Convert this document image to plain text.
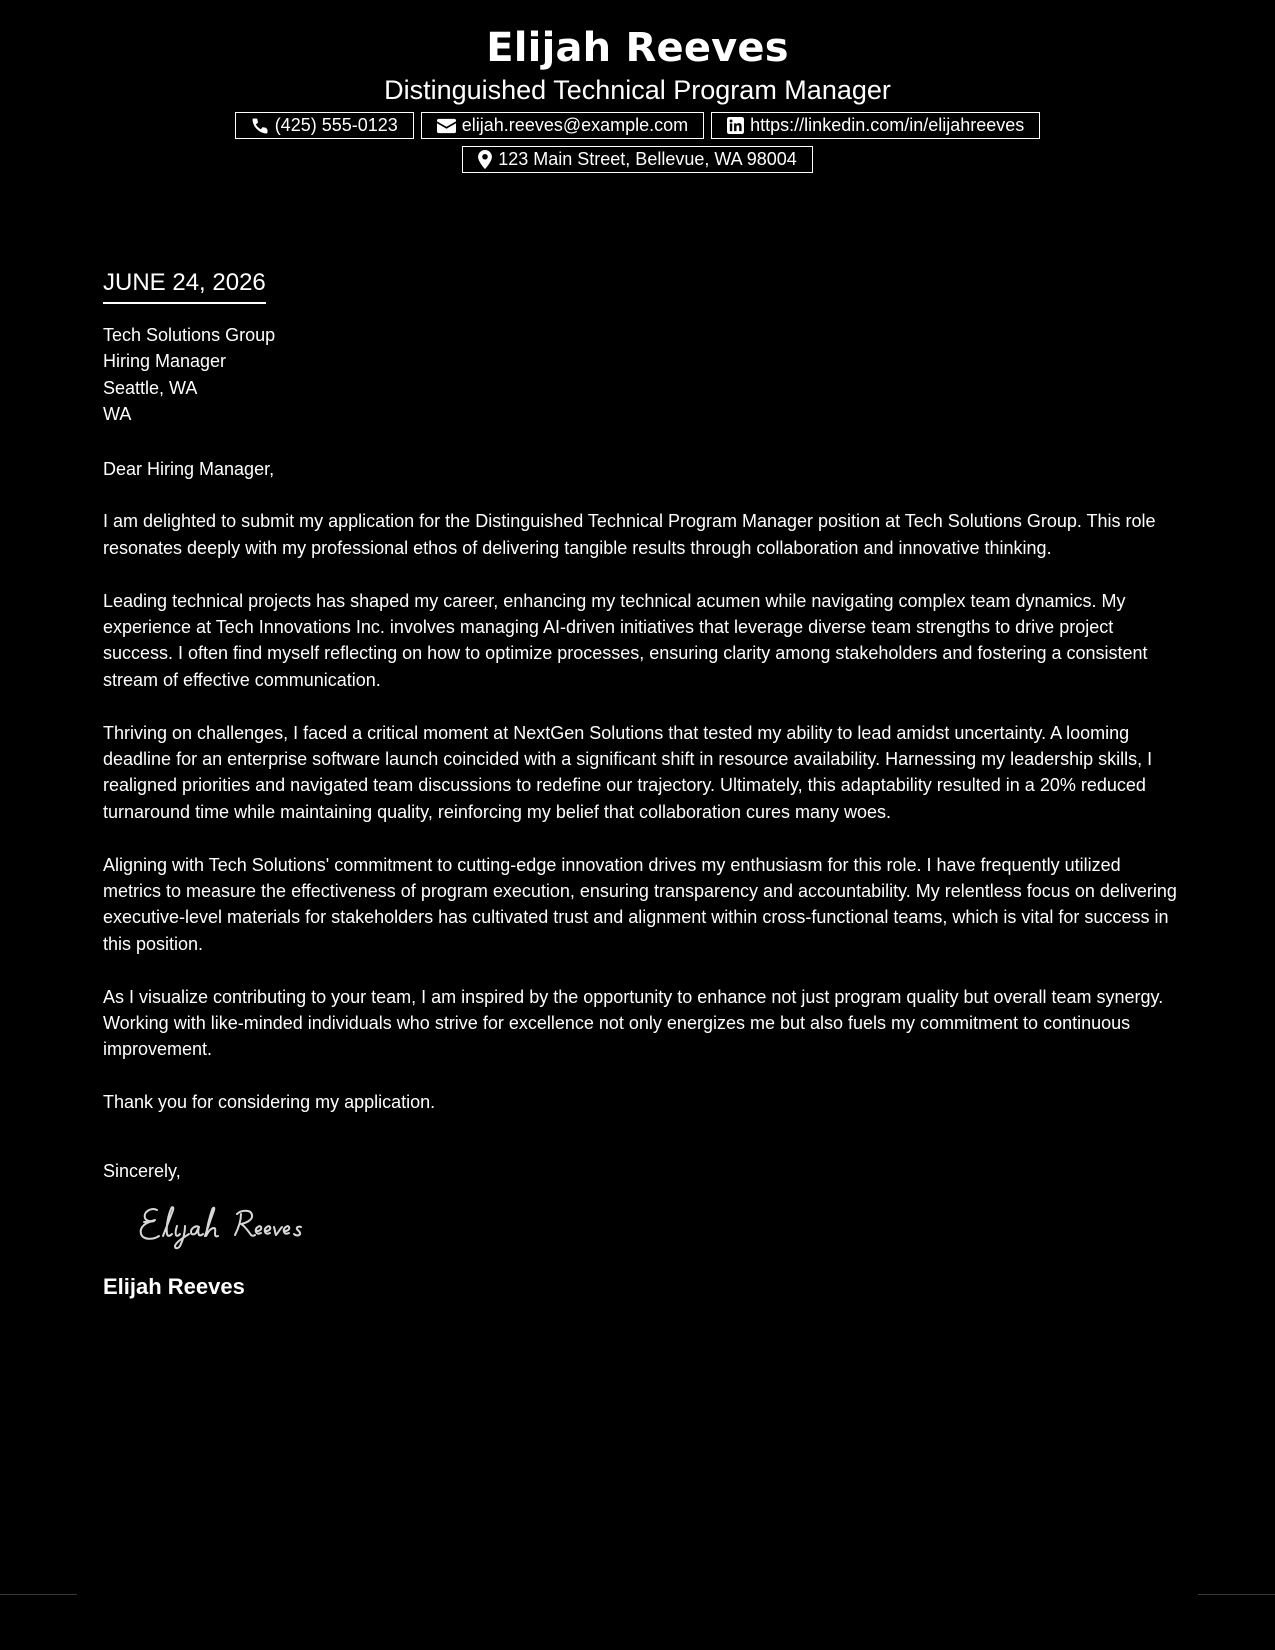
Elijah Reeves
Distinguished Technical Program Manager
(425) 555-0123	elijah.reeves@example.com	https://linkedin.com/in/elijahreeves
123 Main Street, Bellevue, WA 98004
JUNE 24, 2026
Tech Solutions Group
Hiring Manager
Seattle, WA
WA

Dear Hiring Manager,

I am delighted to submit my application for the Distinguished Technical Program Manager position at Tech Solutions Group. This role resonates deeply with my professional ethos of delivering tangible results through collaboration and innovative thinking.

Leading technical projects has shaped my career, enhancing my technical acumen while navigating complex team dynamics. My experience at Tech Innovations Inc. involves managing AI-driven initiatives that leverage diverse team strengths to drive project success. I often find myself reflecting on how to optimize processes, ensuring clarity among stakeholders and fostering a consistent stream of effective communication.

Thriving on challenges, I faced a critical moment at NextGen Solutions that tested my ability to lead amidst uncertainty. A looming deadline for an enterprise software launch coincided with a significant shift in resource availability. Harnessing my leadership skills, I realigned priorities and navigated team discussions to redefine our trajectory. Ultimately, this adaptability resulted in a 20% reduced turnaround time while maintaining quality, reinforcing my belief that collaboration cures many woes.

Aligning with Tech Solutions' commitment to cutting-edge innovation drives my enthusiasm for this role. I have frequently utilized metrics to measure the effectiveness of program execution, ensuring transparency and accountability. My relentless focus on delivering executive-level materials for stakeholders has cultivated trust and alignment within cross-functional teams, which is vital for success in this position.

As I visualize contributing to your team, I am inspired by the opportunity to enhance not just program quality but overall team synergy. Working with like-minded individuals who strive for excellence not only energizes me but also fuels my commitment to continuous improvement.

Thank you for considering my application.

Sincerely,
Elijah Reeves
